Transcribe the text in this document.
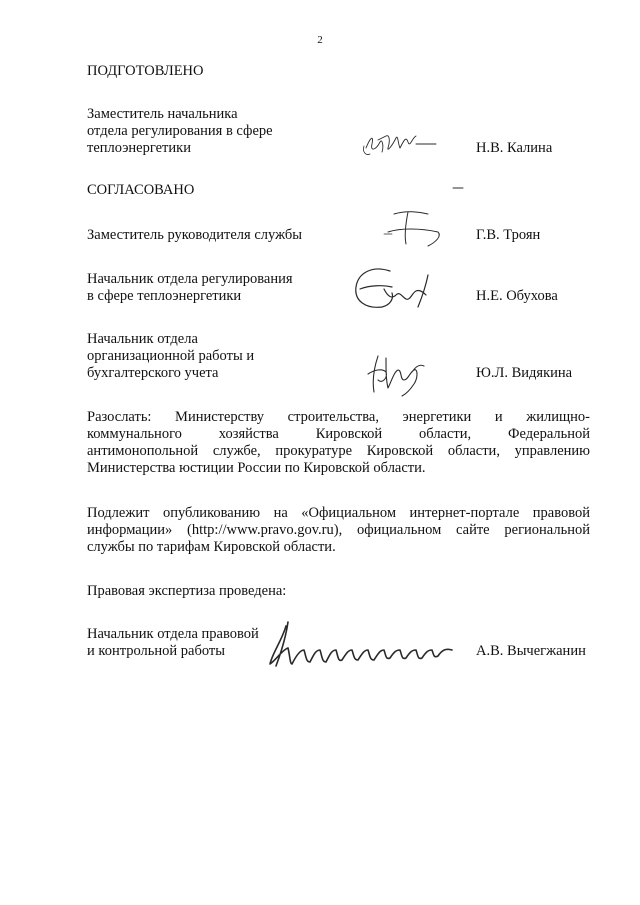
2

ПОДГОТОВЛЕНО

Заместитель начальника
отдела регулирования в сфере
теплоэнергетики	Н.В. Калина

СОГЛАСОВАНО

Заместитель руководителя службы	Г.В. Троян

Начальник отдела регулирования
в сфере теплоэнергетики	Н.Е. Обухова

Начальник отдела
организационной работы и
бухгалтерского учета	Ю.Л. Видякина

Разослать: Министерству строительства, энергетики и жилищно-
коммунального хозяйства Кировской области, Федеральной
антимонопольной службе, прокуратуре Кировской области, управлению
Министерства юстиции России по Кировской области.
Подлежит опубликованию на «Официальном интернет-портале правовой
информации» (http://www.pravo.gov.ru), официальном сайте региональной
службы по тарифам Кировской области.

Правовая экспертиза проведена:

Начальник отдела правовой
и контрольной работы	А.В. Вычегжанин
